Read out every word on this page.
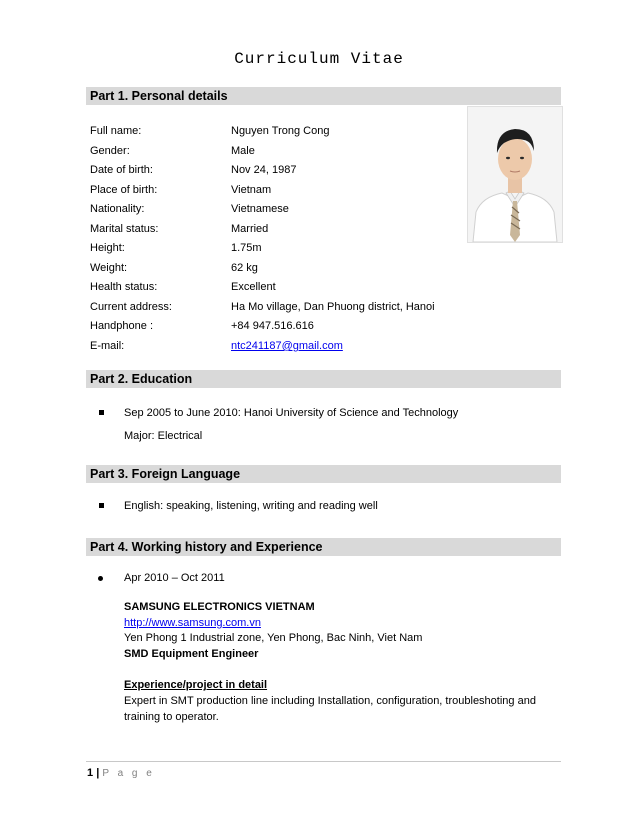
Curriculum Vitae
Part 1. Personal details
Full name:	Nguyen Trong Cong
Gender:	Male
Date of birth:	Nov 24, 1987
Place of birth:	Vietnam
Nationality:	Vietnamese
Marital status:	Married
Height:	1.75m
Weight:	62 kg
Health status:	Excellent
Current address:	Ha Mo village, Dan Phuong district, Hanoi
Handphone :	+84 947.516.616
E-mail:	ntc241187@gmail.com
Part 2. Education
Sep 2005 to June 2010: Hanoi University of Science and Technology
Major: Electrical
Part 3. Foreign Language
English: speaking, listening, writing and reading well
Part 4. Working history and Experience
Apr 2010 – Oct 2011
SAMSUNG ELECTRONICS VIETNAM
http://www.samsung.com.vn
Yen Phong 1 Industrial zone, Yen Phong, Bac Ninh, Viet Nam
SMD Equipment Engineer
Experience/project in detail
Expert in SMT production line including Installation, configuration, troubleshoting and
training to operator.
1 | P a g e
